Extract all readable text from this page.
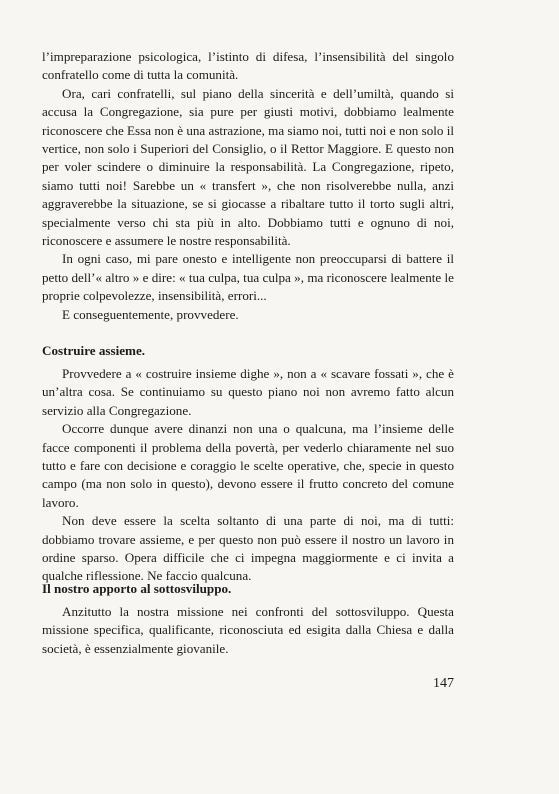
l’impreparazione psicologica, l’istinto di difesa, l’insensibilità del singolo confratello come di tutta la comunità.

Ora, cari confratelli, sul piano della sincerità e dell’umiltà, quando si accusa la Congregazione, sia pure per giusti motivi, dobbiamo lealmente riconoscere che Essa non è una astrazione, ma siamo noi, tutti noi e non solo il vertice, non solo i Superiori del Consiglio, o il Rettor Maggiore. E questo non per voler scindere o diminuire la responsabilità. La Congregazione, ripeto, siamo tutti noi! Sarebbe un « transfert », che non risolverebbe nulla, anzi aggraverebbe la situazione, se si giocasse a ribaltare tutto il torto sugli altri, specialmente verso chi sta più in alto. Dobbiamo tutti e ognuno di noi, riconoscere e assumere le nostre responsabilità.

In ogni caso, mi pare onesto e intelligente non preoccuparsi di battere il petto dell’« altro » e dire: « tua culpa, tua culpa », ma riconoscere lealmente le proprie colpevolezze, insensibilità, errori...

E conseguentemente, provvedere.

Costruire assieme.

Provvedere a « costruire insieme dighe », non a « scavare fossati », che è un’altra cosa. Se continuiamo su questo piano noi non avremo fatto alcun servizio alla Congregazione.

Occorre dunque avere dinanzi non una o qualcuna, ma l’insieme delle facce componenti il problema della povertà, per vederlo chiaramente nel suo tutto e fare con decisione e coraggio le scelte operative, che, specie in questo campo (ma non solo in questo), devono essere il frutto concreto del comune lavoro.

Non deve essere la scelta soltanto di una parte di noi, ma di tutti: dobbiamo trovare assieme, e per questo non può essere il nostro un lavoro in ordine sparso. Opera difficile che ci impegna maggiormente e ci invita a qualche riflessione. Ne faccio qualcuna.

Il nostro apporto al sottosviluppo.

Anzitutto la nostra missione nei confronti del sottosviluppo. Questa missione specifica, qualificante, riconosciuta ed esigita dalla Chiesa e dalla società, è essenzialmente giovanile.

147
